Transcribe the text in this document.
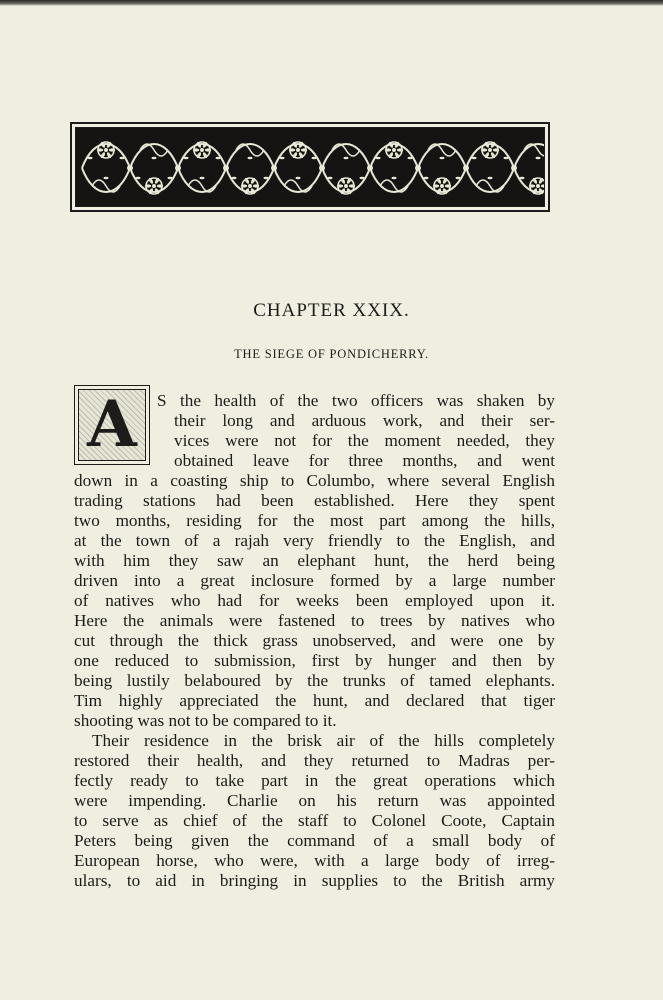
CHAPTER XXIX.
THE SIEGE OF PONDICHERRY.
A S the health of the two officers was shaken by
their long and arduous work, and their ser-
vices were not for the moment needed, they
obtained leave for three months, and went
down in a coasting ship to Columbo, where several English
trading stations had been established. Here they spent
two months, residing for the most part among the hills,
at the town of a rajah very friendly to the English, and
with him they saw an elephant hunt, the herd being
driven into a great inclosure formed by a large number
of natives who had for weeks been employed upon it.
Here the animals were fastened to trees by natives who
cut through the thick grass unobserved, and were one by
one reduced to submission, first by hunger and then by
being lustily belaboured by the trunks of tamed elephants.
Tim highly appreciated the hunt, and declared that tiger
shooting was not to be compared to it.
Their residence in the brisk air of the hills completely
restored their health, and they returned to Madras per-
fectly ready to take part in the great operations which
were impending. Charlie on his return was appointed
to serve as chief of the staff to Colonel Coote, Captain
Peters being given the command of a small body of
European horse, who were, with a large body of irreg-
ulars, to aid in bringing in supplies to the British army
